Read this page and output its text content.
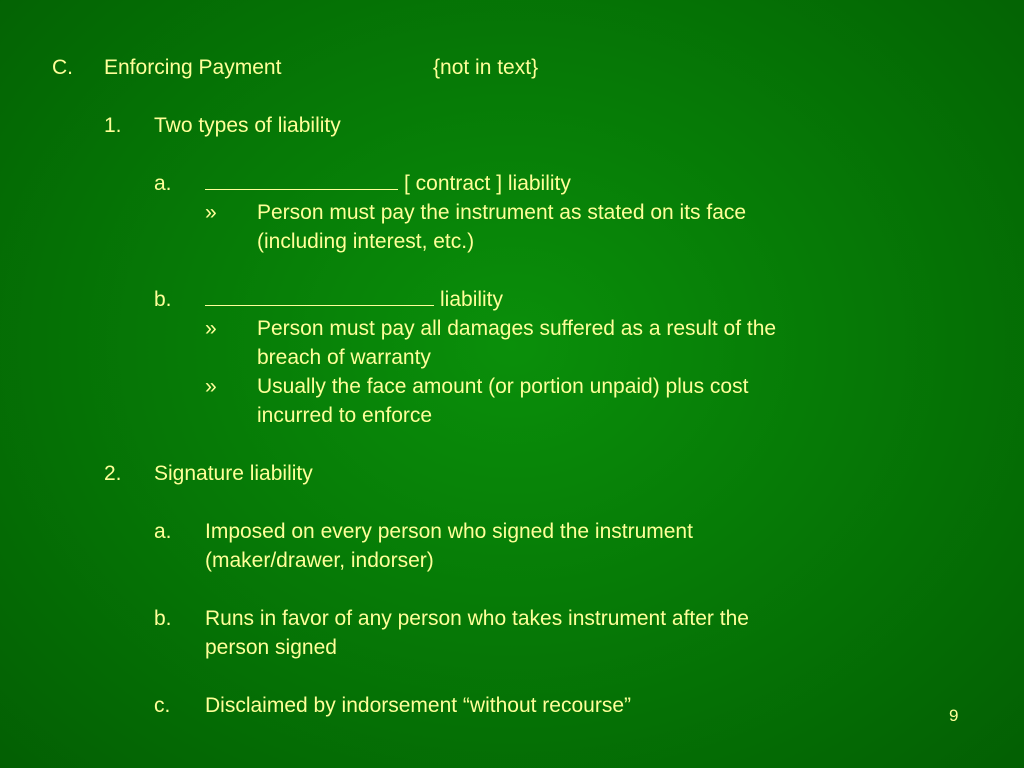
C. Enforcing Payment	{not in text}
1. Two types of liability
a.	[ contract ] liability
» Person must pay the instrument as stated on its face
(including interest, etc.)
b.	liability
» Person must pay all damages suffered as a result of the
breach of warranty
» Usually the face amount (or portion unpaid) plus cost
incurred to enforce
2. Signature liability
a. Imposed on every person who signed the instrument
(maker/drawer, indorser)
b. Runs in favor of any person who takes instrument after the
person signed
c. Disclaimed by indorsement “without recourse”	9
